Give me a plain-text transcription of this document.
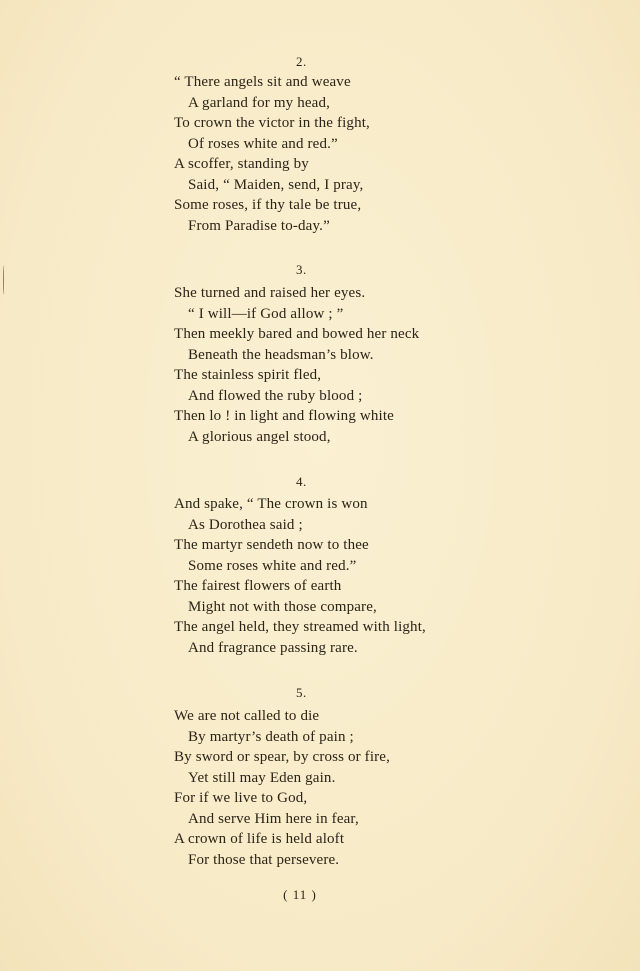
2.
“ There angels sit and weave
A garland for my head,
To crown the victor in the fight,
Of roses white and red.”
A scoffer, standing by
Said, “ Maiden, send, I pray,
Some roses, if thy tale be true,
From Paradise to-day.”
3.
She turned and raised her eyes.
“ I will—if God allow ; ”
Then meekly bared and bowed her neck
Beneath the headsman’s blow.
The stainless spirit fled,
And flowed the ruby blood ;
Then lo ! in light and flowing white
A glorious angel stood,
4.
And spake, “ The crown is won
As Dorothea said ;
The martyr sendeth now to thee
Some roses white and red.”
The fairest flowers of earth
Might not with those compare,
The angel held, they streamed with light,
And fragrance passing rare.
5.
We are not called to die
By martyr’s death of pain ;
By sword or spear, by cross or fire,
Yet still may Eden gain.
For if we live to God,
And serve Him here in fear,
A crown of life is held aloft
For those that persevere.
( 11 )
